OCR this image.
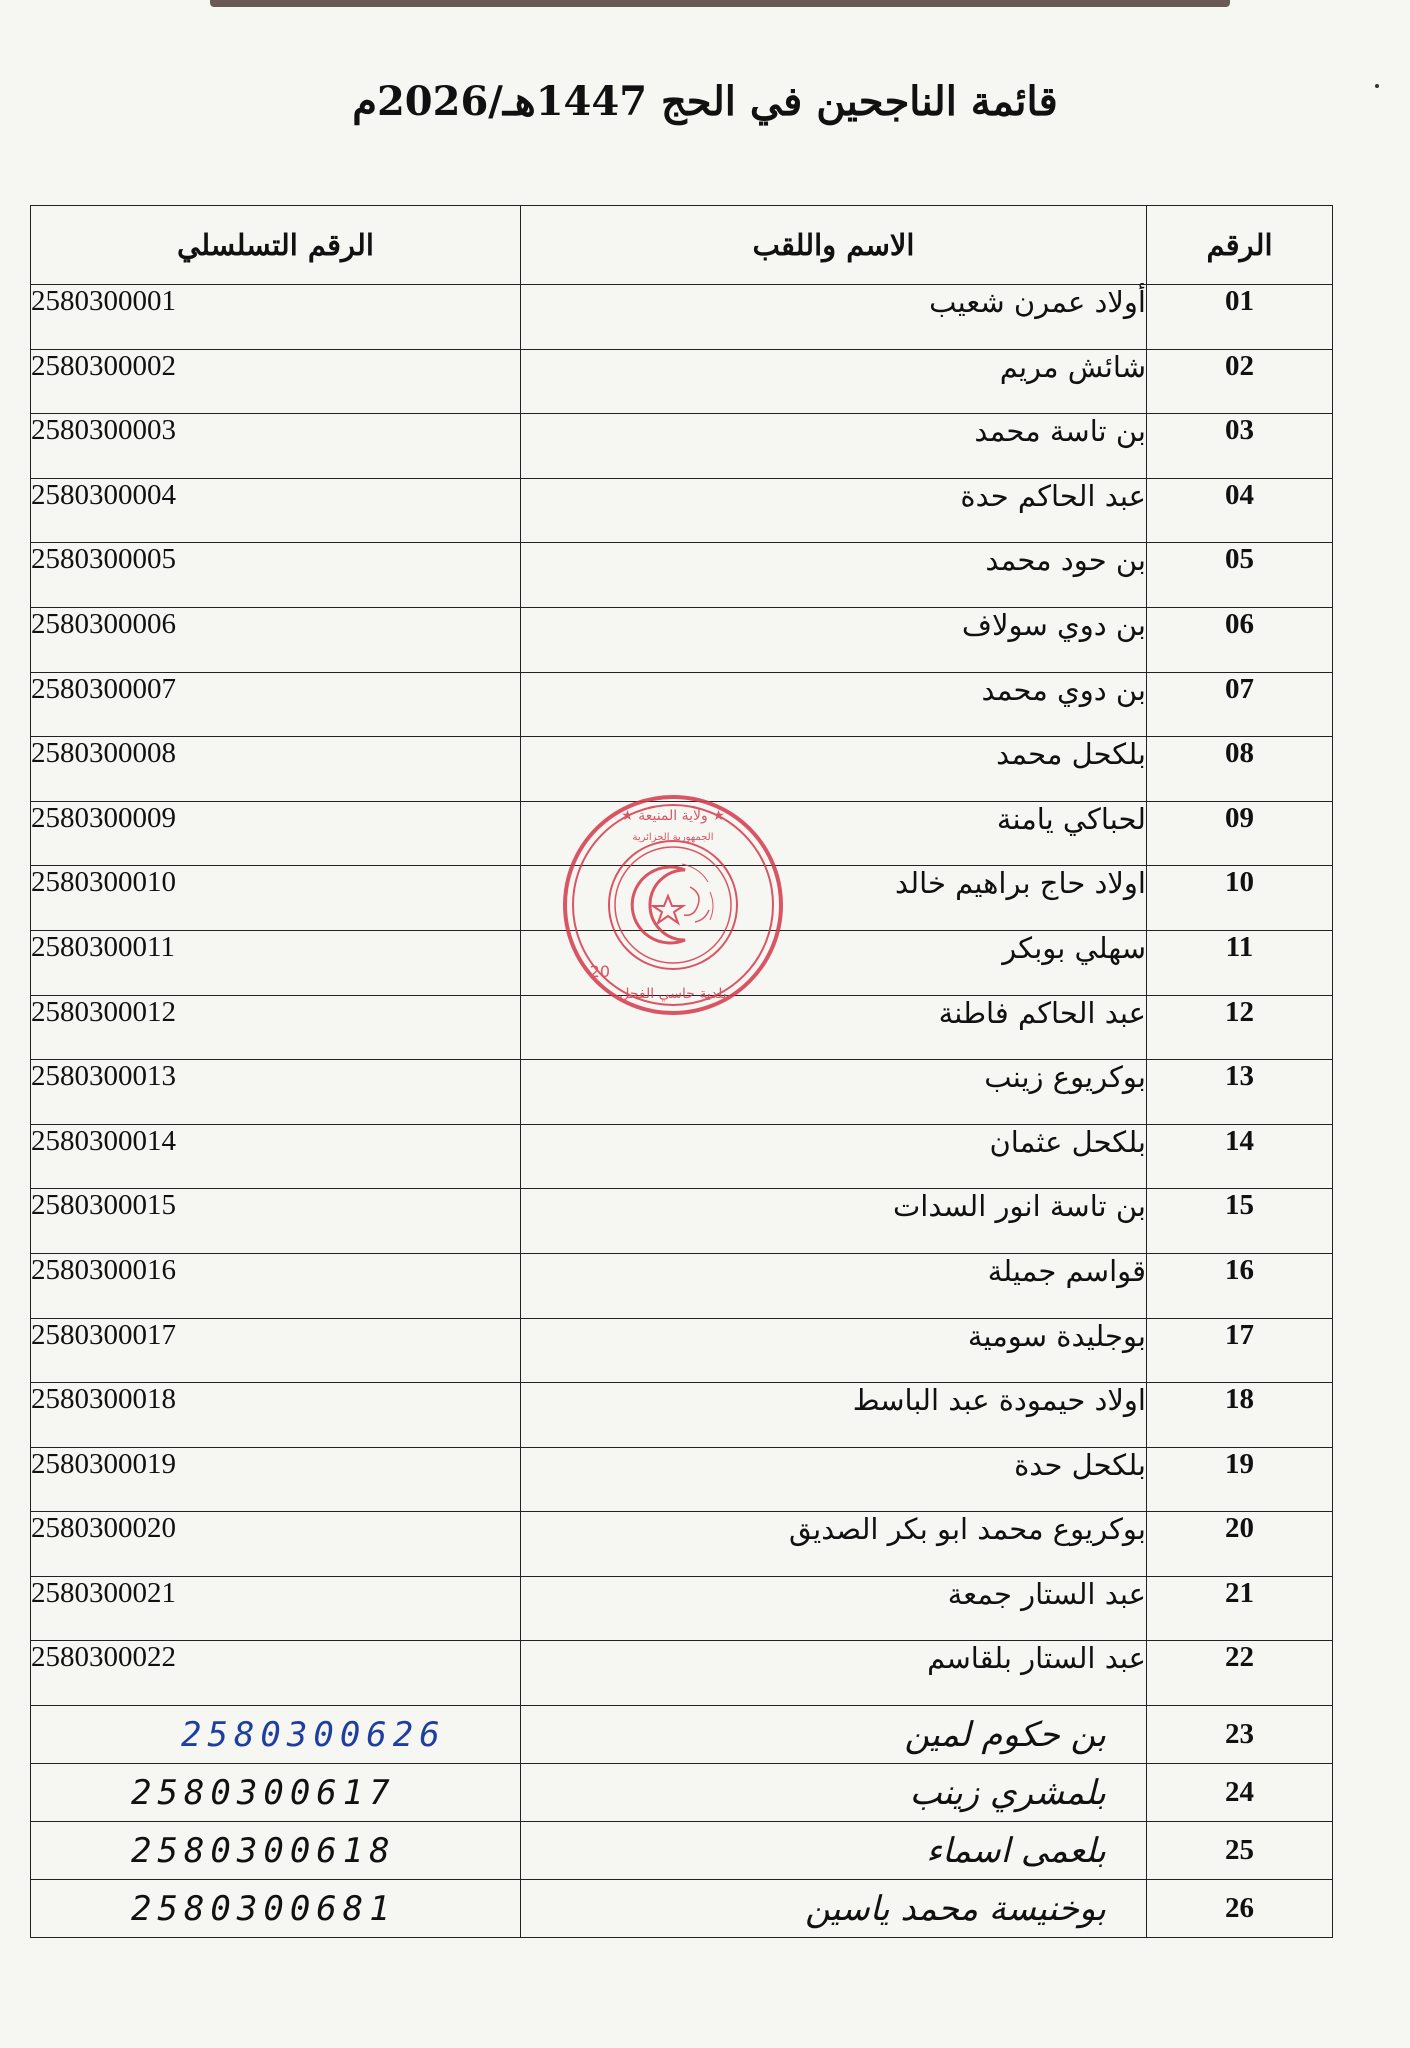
قائمة الناجحين في الحج 1447هـ/2026م
الرقم	الاسم واللقب	الرقم التسلسلي
01	أولاد عمرن شعيب	2580300001
02	شائش مريم	2580300002
03	بن تاسة محمد	2580300003
04	عبد الحاكم حدة	2580300004
05	بن حود محمد	2580300005
06	بن دوي سولاف	2580300006
07	بن دوي محمد	2580300007
08	بلكحل محمد	2580300008
09	لحباكي يامنة	2580300009
10	اولاد حاج براهيم خالد	2580300010
11	سهلي بوبكر	2580300011
12	عبد الحاكم فاطنة	2580300012
13	بوكريوع زينب	2580300013
14	بلكحل عثمان	2580300014
15	بن تاسة انور السدات	2580300015
16	قواسم جميلة	2580300016
17	بوجليدة سومية	2580300017
18	اولاد حيمودة عبد الباسط	2580300018
19	بلكحل حدة	2580300019
20	بوكريوع محمد ابو بكر الصديق	2580300020
21	عبد الستار جمعة	2580300021
22	عبد الستار بلقاسم	2580300022
23	بن حكوم لمين	2580300626
24	بلمشري زينب	2580300617
25	بلعمى اسماء	2580300618
26	بوخنيسة محمد ياسين	2580300681
★ ولاية المنيعة ★
بلدية حاسي الفحل
الجمهورية الجزائرية
20
